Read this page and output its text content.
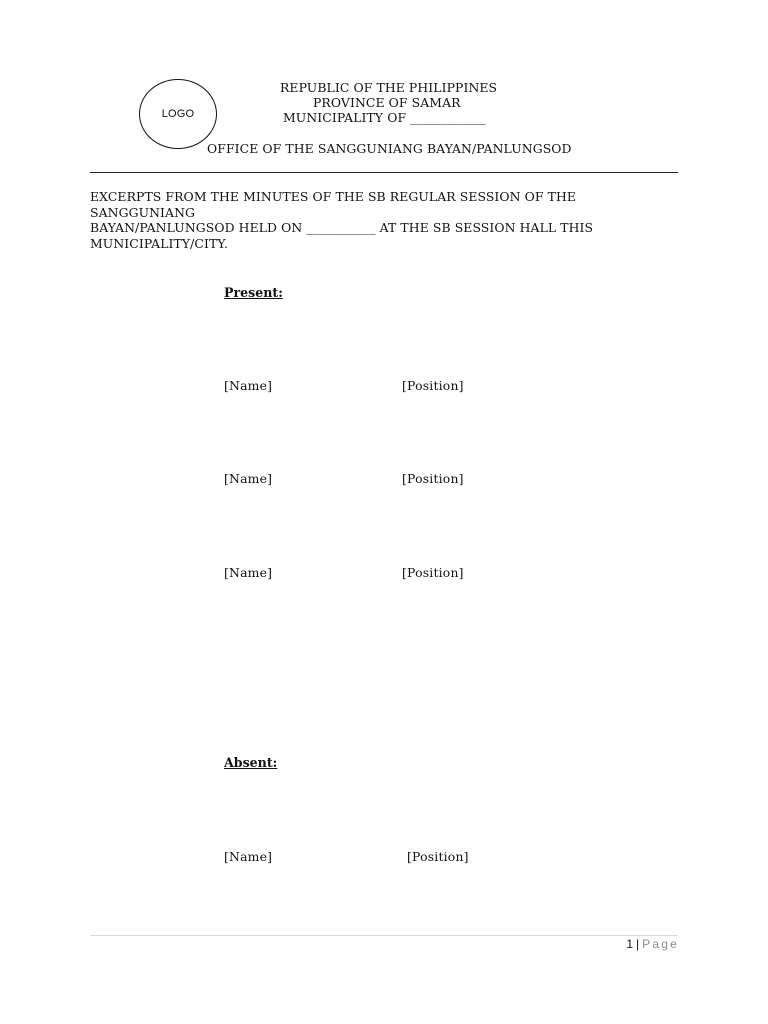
LOGO
REPUBLIC OF THE PHILIPPINES
PROVINCE OF SAMAR
MUNICIPALITY OF ____________
OFFICE OF THE SANGGUNIANG BAYAN/PANLUNGSOD
EXCERPTS FROM THE MINUTES OF THE SB REGULAR SESSION OF THE SANGGUNIANG
BAYAN/PANLUNGSOD HELD ON ___________ AT THE SB SESSION HALL THIS
MUNICIPALITY/CITY.
Present:
[Name]	[Position]
[Name]	[Position]
[Name]	[Position]
Absent:
[Name]	[Position]
1 | Page
